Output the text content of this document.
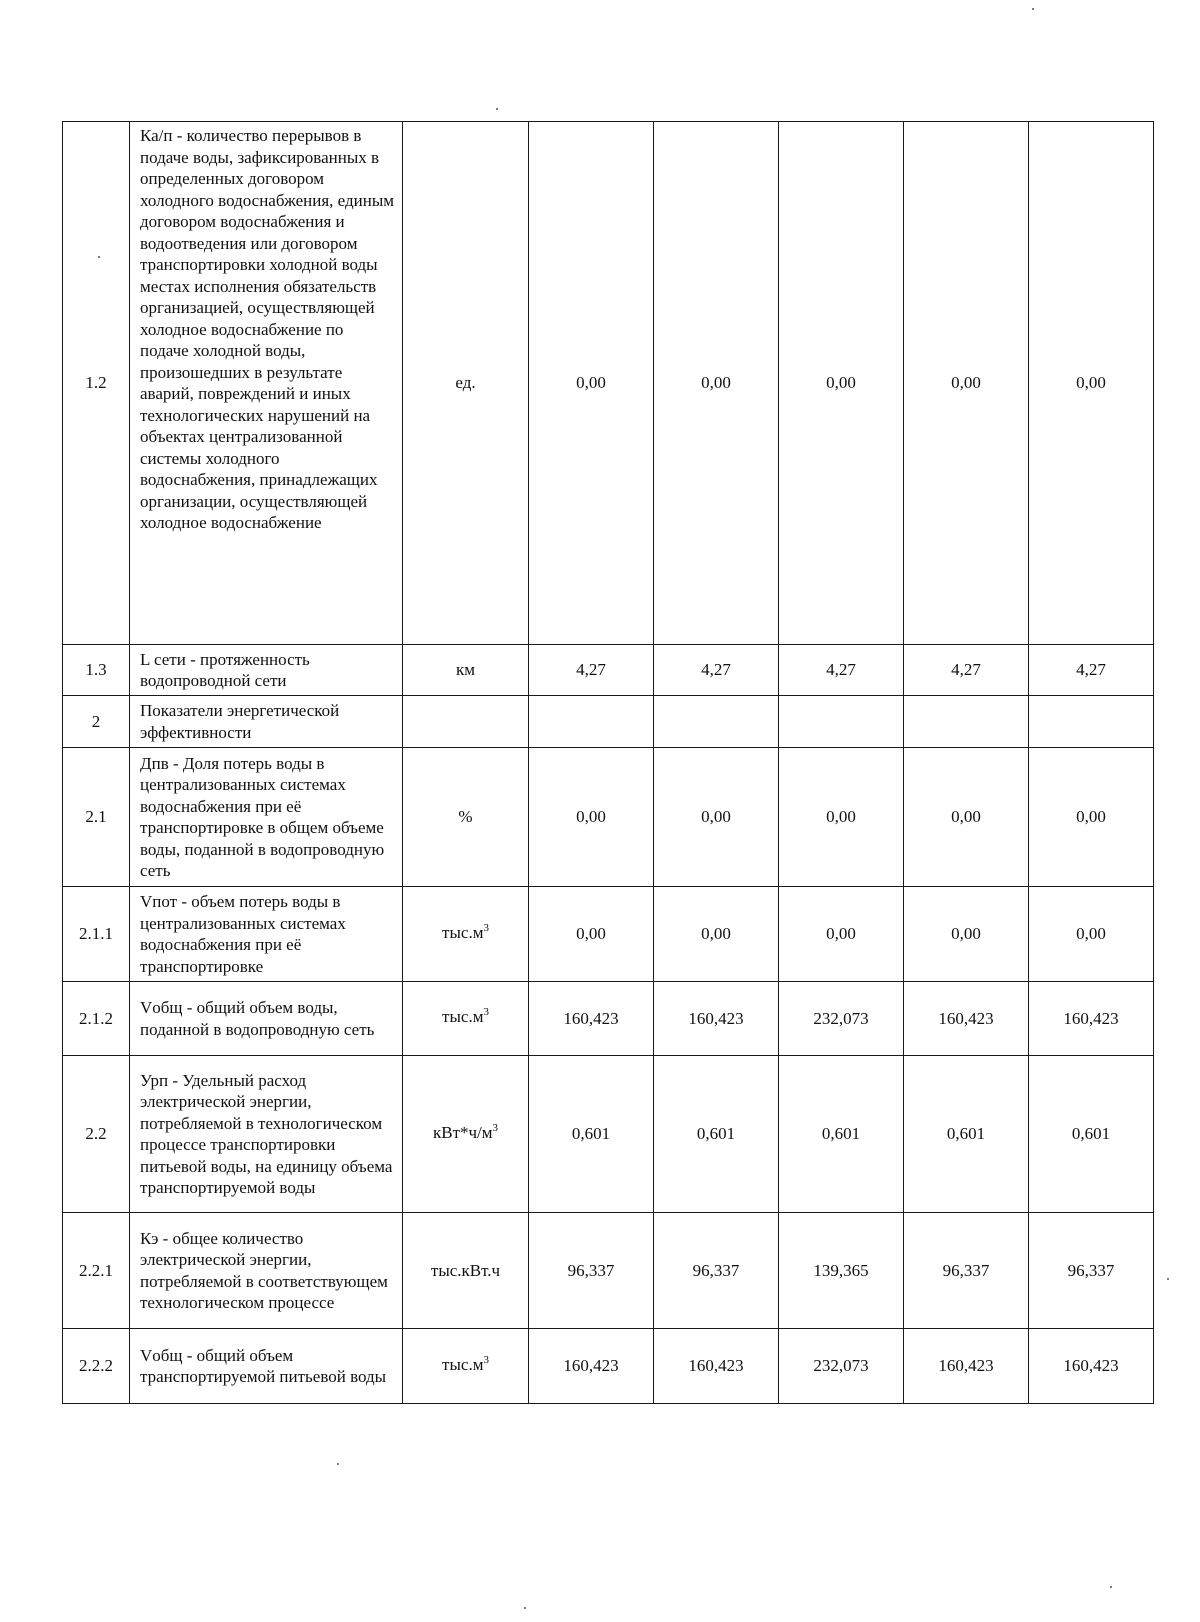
1.2	Ка/п - количество перерывов в подаче воды, зафиксированных в определенных договором холодного водоснабжения, единым договором водоснабжения и водоотведения или договором транспортировки холодной воды местах исполнения обязательств организацией, осуществляющей холодное водоснабжение по подаче холодной воды, произошедших в результате аварий, повреждений и иных технологических нарушений на объектах централизованной системы холодного водоснабжения, принадлежащих организации, осуществляющей холодное водоснабжение	ед.	0,00	0,00	0,00	0,00	0,00
1.3	L сети - протяженность водопроводной сети	км	4,27	4,27	4,27	4,27	4,27
2	Показатели энергетической эффективности						
2.1	Дпв - Доля потерь воды в централизованных системах водоснабжения при её транспортировке в общем объеме воды, поданной в водопроводную сеть	%	0,00	0,00	0,00	0,00	0,00
2.1.1	Vпот - объем потерь воды в централизованных системах водоснабжения при её транспортировке	$тыс.м^3$	0,00	0,00	0,00	0,00	0,00
2.1.2	Vобщ - общий объем воды, поданной в водопроводную сеть	$тыс.м^3$	160,423	160,423	232,073	160,423	160,423
2.2	Урп - Удельный расход электрической энергии, потребляемой в технологическом процессе транспортировки питьевой воды, на единицу объема транспортируемой воды	$кВт*ч/м^3$	0,601	0,601	0,601	0,601	0,601
2.2.1	Кэ - общее количество электрической энергии, потребляемой в соответствующем технологическом процессе	тыс.кВт.ч	96,337	96,337	139,365	96,337	96,337
2.2.2	Vобщ - общий объем транспортируемой питьевой воды	$тыс.м^3$	160,423	160,423	232,073	160,423	160,423
